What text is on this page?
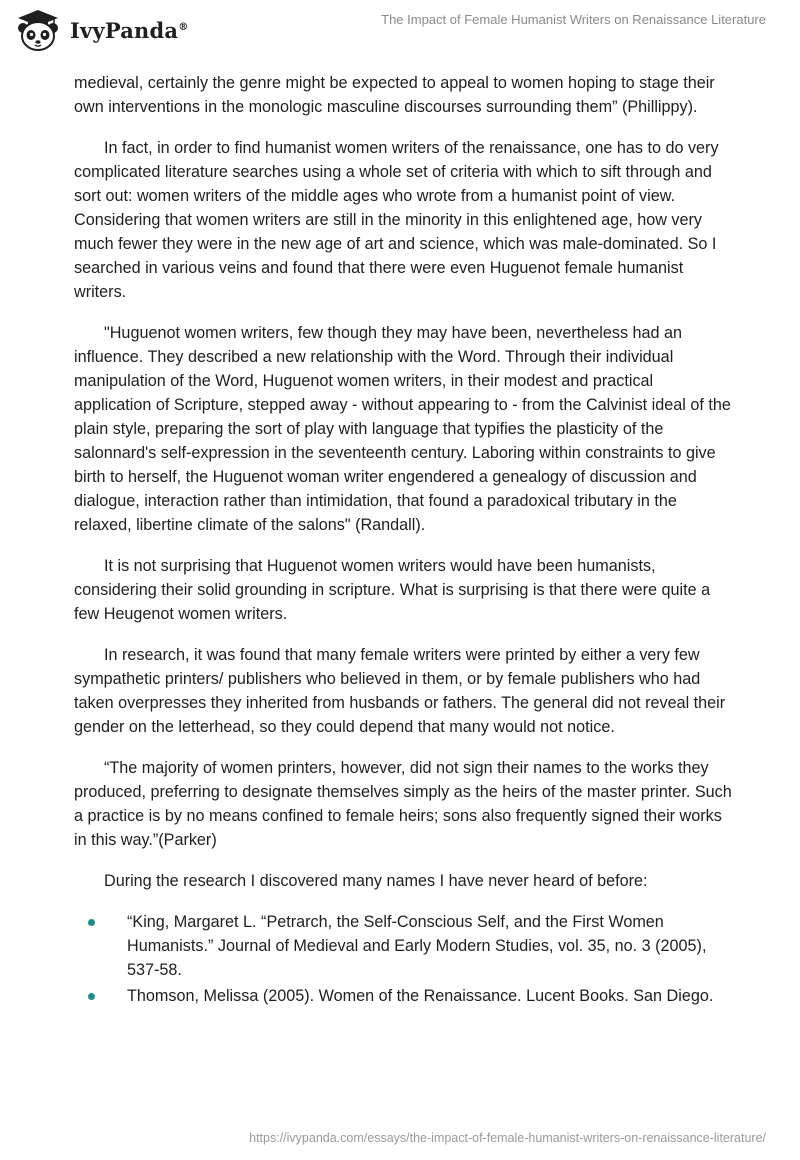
IvyPanda®	The Impact of Female Humanist Writers on Renaissance Literature

medieval, certainly the genre might be expected to appeal to women hoping to stage their own interventions in the monologic masculine discourses surrounding them” (Phillippy).

In fact, in order to find humanist women writers of the renaissance, one has to do very complicated literature searches using a whole set of criteria with which to sift through and sort out: women writers of the middle ages who wrote from a humanist point of view. Considering that women writers are still in the minority in this enlightened age, how very much fewer they were in the new age of art and science, which was male-dominated. So I searched in various veins and found that there were even Huguenot female humanist writers.

"Huguenot women writers, few though they may have been, nevertheless had an influence. They described a new relationship with the Word. Through their individual manipulation of the Word, Huguenot women writers, in their modest and practical application of Scripture, stepped away - without appearing to - from the Calvinist ideal of the plain style, preparing the sort of play with language that typifies the plasticity of the salonnard's self-expression in the seventeenth century. Laboring within constraints to give birth to herself, the Huguenot woman writer engendered a genealogy of discussion and dialogue, interaction rather than intimidation, that found a paradoxical tributary in the relaxed, libertine climate of the salons" (Randall).

It is not surprising that Huguenot women writers would have been humanists, considering their solid grounding in scripture. What is surprising is that there were quite a few Heugenot women writers.

In research, it was found that many female writers were printed by either a very few sympathetic printers/ publishers who believed in them, or by female publishers who had taken overpresses they inherited from husbands or fathers. The general did not reveal their gender on the letterhead, so they could depend that many would not notice.

“The majority of women printers, however, did not sign their names to the works they produced, preferring to designate themselves simply as the heirs of the master printer. Such a practice is by no means confined to female heirs; sons also frequently signed their works in this way.”(Parker)

During the research I discovered many names I have never heard of before:

“King, Margaret L. “Petrarch, the Self-Conscious Self, and the First Women Humanists.” Journal of Medieval and Early Modern Studies, vol. 35, no. 3 (2005), 537-58.
Thomson, Melissa (2005). Women of the Renaissance. Lucent Books. San Diego.
https://ivypanda.com/essays/the-impact-of-female-humanist-writers-on-renaissance-literature/
